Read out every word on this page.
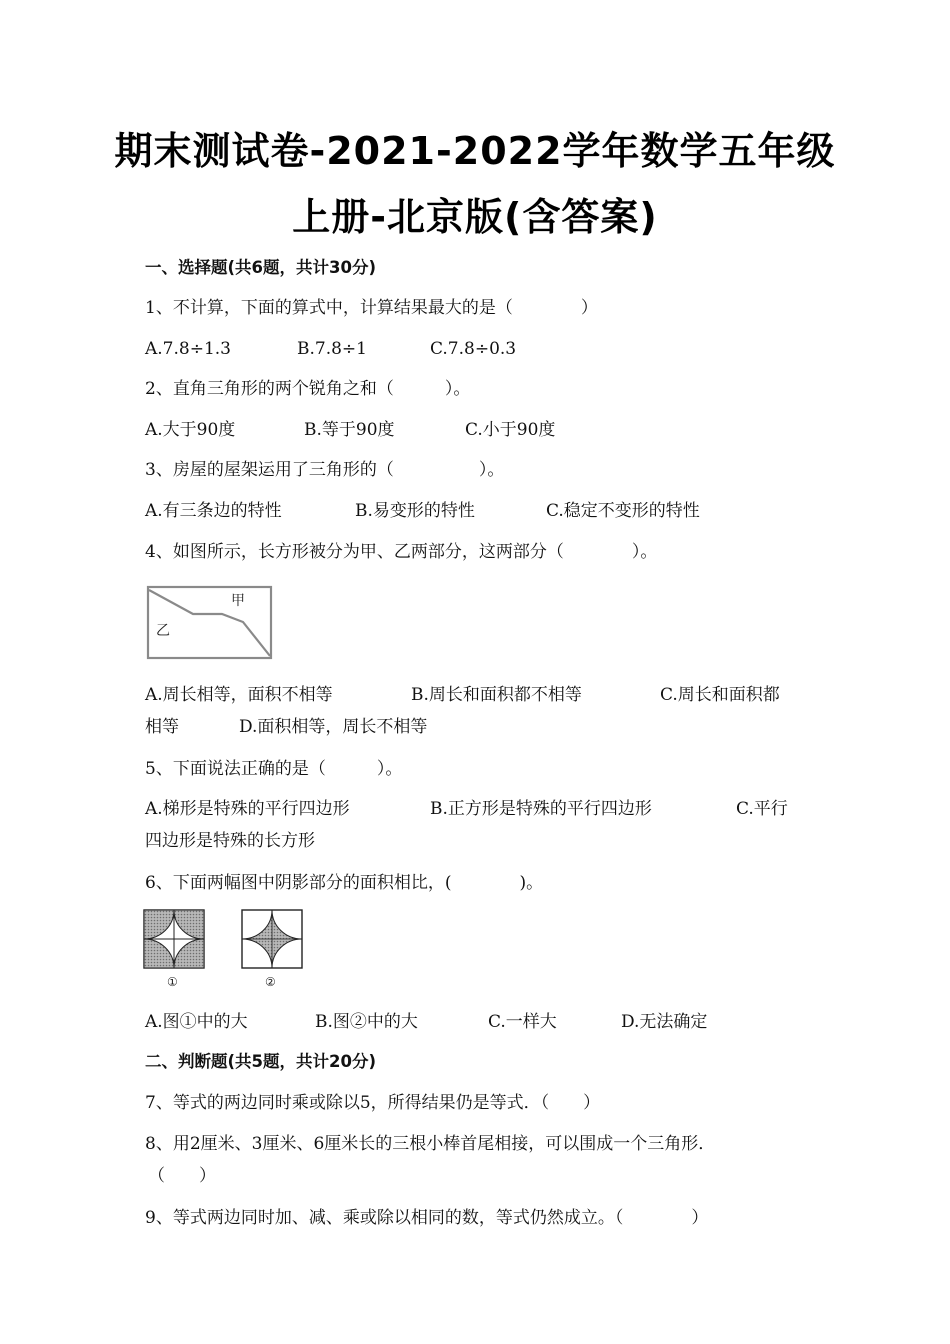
期末测试卷-2021-2022学年数学五年级
上册-北京版(含答案)
一、选择题(共6题，共计30分)
1、不计算，下面的算式中，计算结果最大的是（　　　　）
A.7.8÷1.3	B.7.8÷1	C.7.8÷0.3
2、直角三角形的两个锐角之和（　　　）。
A.大于90度	B.等于90度	C.小于90度
3、房屋的屋架运用了三角形的（　　　　　）。
A.有三条边的特性	B.易变形的特性	C.稳定不变形的特性
4、如图所示，长方形被分为甲、乙两部分，这两部分（　　　　）。
甲
乙
A.周长相等，面积不相等	B.周长和面积都不相等	C.周长和面积都
相等	D.面积相等，周长不相等
5、下面说法正确的是（　　　）。
A.梯形是特殊的平行四边形	B.正方形是特殊的平行四边形	C.平行
四边形是特殊的长方形
6、下面两幅图中阴影部分的面积相比，(　　　　)。
①	②
A.图①中的大	B.图②中的大	C.一样大	D.无法确定
二、判断题(共5题，共计20分)
7、等式的两边同时乘或除以5，所得结果仍是等式．（　　）
8、用2厘米、3厘米、6厘米长的三根小棒首尾相接，可以围成一个三角形．
（　　）
9、等式两边同时加、减、乘或除以相同的数，等式仍然成立。（　　　　）
